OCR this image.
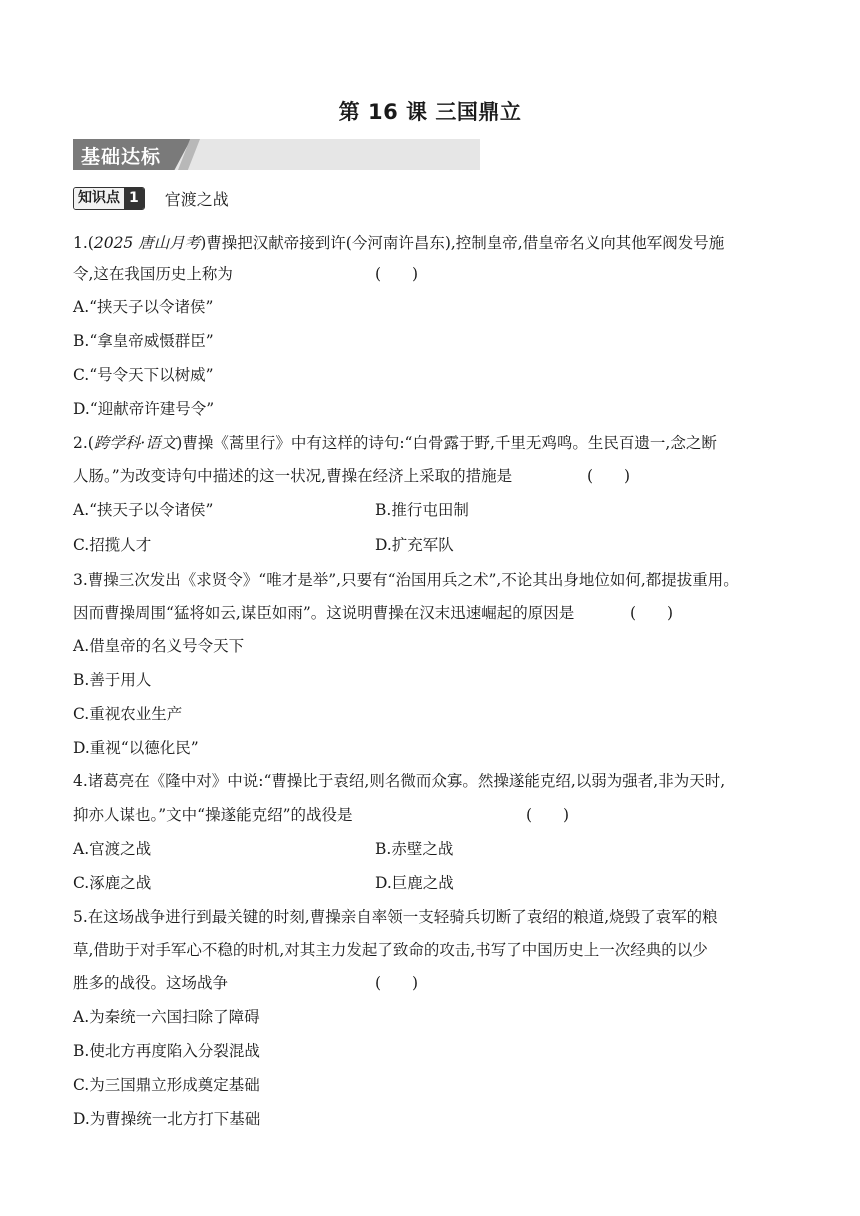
第 16 课 三国鼎立
基础达标
知识点 1	官渡之战
1.(2025 唐山月考)曹操把汉献帝接到许(今河南许昌东),控制皇帝,借皇帝名义向其他军阀发号施
令,这在我国历史上称为	(　　)
A.“挟天子以令诸侯”
B.“拿皇帝威慑群臣”
C.“号令天下以树威”
D.“迎献帝许建号令”
2.(跨学科·语文)曹操《蒿里行》中有这样的诗句:“白骨露于野,千里无鸡鸣。生民百遗一,念之断
人肠。”为改变诗句中描述的这一状况,曹操在经济上采取的措施是	(　　)
A.“挟天子以令诸侯”	B.推行屯田制
C.招揽人才	D.扩充军队
3.曹操三次发出《求贤令》“唯才是举”,只要有“治国用兵之术”,不论其出身地位如何,都提拔重用。
因而曹操周围“猛将如云,谋臣如雨”。这说明曹操在汉末迅速崛起的原因是	(　　)
A.借皇帝的名义号令天下
B.善于用人
C.重视农业生产
D.重视“以德化民”
4.诸葛亮在《隆中对》中说:“曹操比于袁绍,则名微而众寡。然操遂能克绍,以弱为强者,非为天时,
抑亦人谋也。”文中“操遂能克绍”的战役是	(　　)
A.官渡之战	B.赤壁之战
C.涿鹿之战	D.巨鹿之战
5.在这场战争进行到最关键的时刻,曹操亲自率领一支轻骑兵切断了袁绍的粮道,烧毁了袁军的粮
草,借助于对手军心不稳的时机,对其主力发起了致命的攻击,书写了中国历史上一次经典的以少
胜多的战役。这场战争	(　　)
A.为秦统一六国扫除了障碍
B.使北方再度陷入分裂混战
C.为三国鼎立形成奠定基础
D.为曹操统一北方打下基础
